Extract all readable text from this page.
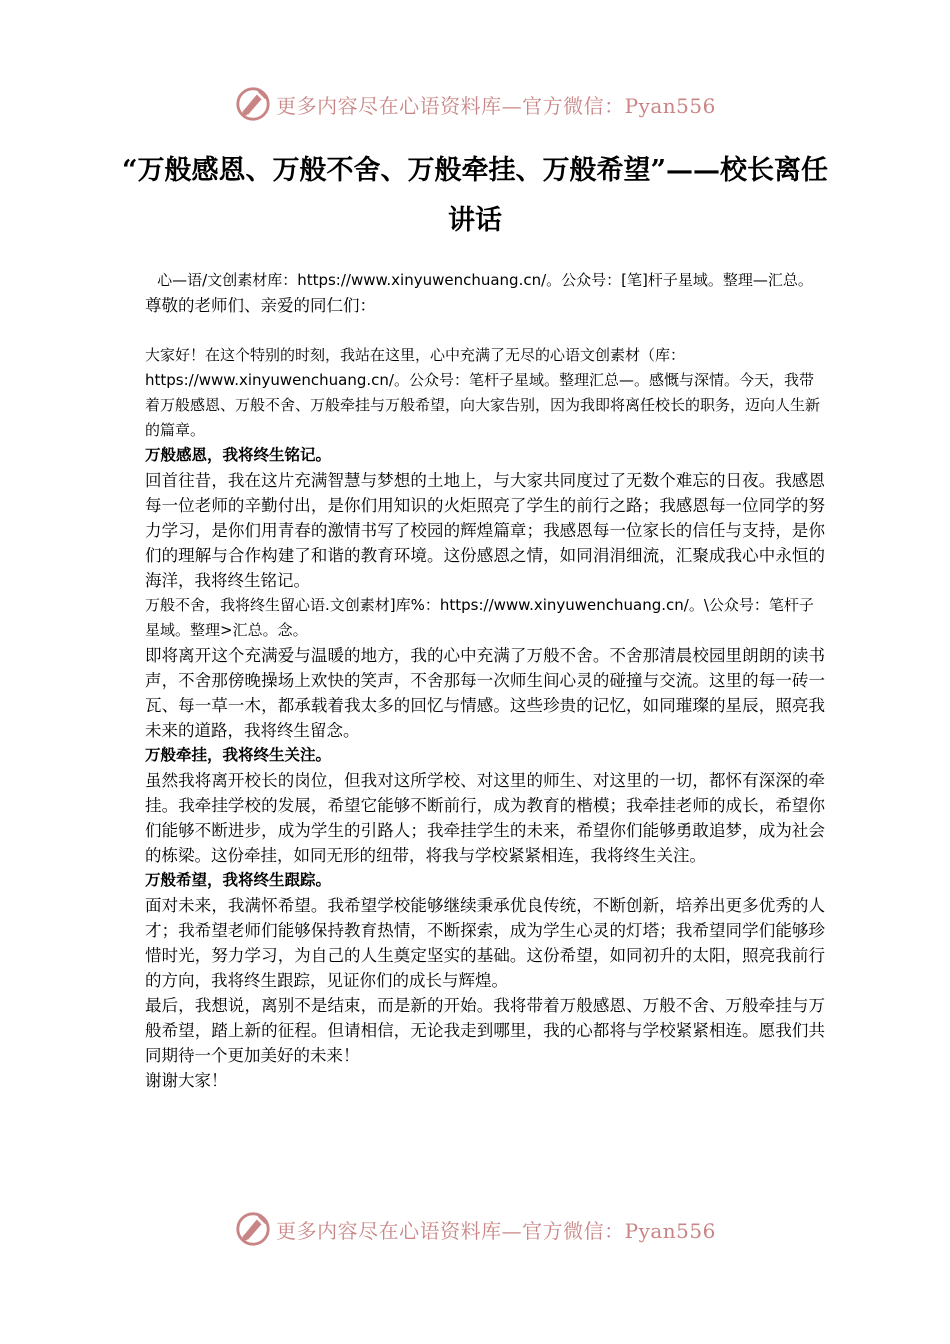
更多内容尽在心语资料库—官方微信：Pyan556
“万般感恩、万般不舍、万般牵挂、万般希望”——校长离任讲话
心—语/文创素材库：https://www.xinyuwenchuang.cn/。公众号：[笔]杆子星域。整理—汇总。

尊敬的老师们、亲爱的同仁们：

大家好！在这个特别的时刻，我站在这里，心中充满了无尽的心语文创素材（库：https://www.xinyuwenchuang.cn/。公众号：笔杆子星域。整理汇总—。感慨与深情。今天，我带着万般感恩、万般不舍、万般牵挂与万般希望，向大家告别，因为我即将离任校长的职务，迈向人生新的篇章。

万般感恩，我将终生铭记。

回首往昔，我在这片充满智慧与梦想的土地上，与大家共同度过了无数个难忘的日夜。我感恩每一位老师的辛勤付出，是你们用知识的火炬照亮了学生的前行之路；我感恩每一位同学的努力学习，是你们用青春的激情书写了校园的辉煌篇章；我感恩每一位家长的信任与支持，是你们的理解与合作构建了和谐的教育环境。这份感恩之情，如同涓涓细流，汇聚成我心中永恒的海洋，我将终生铭记。

万般不舍，我将终生留心语.文创素材]库%：https://www.xinyuwenchuang.cn/。\公众号：笔杆子星域。整理>汇总。念。

即将离开这个充满爱与温暖的地方，我的心中充满了万般不舍。不舍那清晨校园里朗朗的读书声，不舍那傍晚操场上欢快的笑声，不舍那每一次师生间心灵的碰撞与交流。这里的每一砖一瓦、每一草一木，都承载着我太多的回忆与情感。这些珍贵的记忆，如同璀璨的星辰，照亮我未来的道路，我将终生留念。

万般牵挂，我将终生关注。

虽然我将离开校长的岗位，但我对这所学校、对这里的师生、对这里的一切，都怀有深深的牵挂。我牵挂学校的发展，希望它能够不断前行，成为教育的楷模；我牵挂老师的成长，希望你们能够不断进步，成为学生的引路人；我牵挂学生的未来，希望你们能够勇敢追梦，成为社会的栋梁。这份牵挂，如同无形的纽带，将我与学校紧紧相连，我将终生关注。

万般希望，我将终生跟踪。

面对未来，我满怀希望。我希望学校能够继续秉承优良传统，不断创新，培养出更多优秀的人才；我希望老师们能够保持教育热情，不断探索，成为学生心灵的灯塔；我希望同学们能够珍惜时光，努力学习，为自己的人生奠定坚实的基础。这份希望，如同初升的太阳，照亮我前行的方向，我将终生跟踪，见证你们的成长与辉煌。

最后，我想说，离别不是结束，而是新的开始。我将带着万般感恩、万般不舍、万般牵挂与万般希望，踏上新的征程。但请相信，无论我走到哪里，我的心都将与学校紧紧相连。愿我们共同期待一个更加美好的未来！

谢谢大家！

更多内容尽在心语资料库—官方微信：Pyan556
